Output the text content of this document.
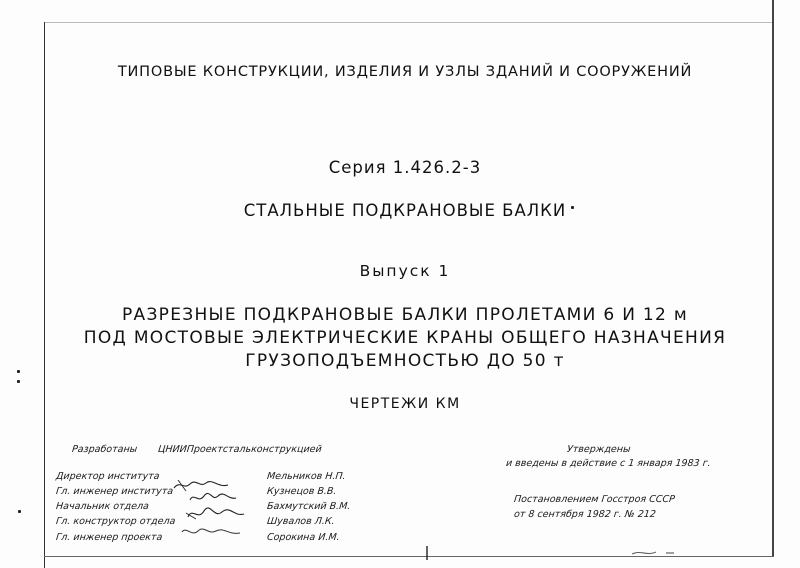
ТИПОВЫЕ КОНСТРУКЦИИ, ИЗДЕЛИЯ И УЗЛЫ ЗДАНИЙ И СООРУЖЕНИЙ
Серия 1.426.2-3
СТАЛЬНЫЕ ПОДКРАНОВЫЕ БАЛКИ
Выпуск 1
РАЗРЕЗНЫЕ ПОДКРАНОВЫЕ БАЛКИ ПРОЛЕТАМИ 6 И 12 м
ПОД МОСТОВЫЕ ЭЛЕКТРИЧЕСКИЕ КРАНЫ ОБЩЕГО НАЗНАЧЕНИЯ
ГРУЗОПОДЪЕМНОСТЬЮ ДО 50 т
ЧЕРТЕЖИ КМ
Разработаны ЦНИИПроектстальконструкцией
Директор института
Гл. инженер института
Начальник отдела
Гл. конструктор отдела
Гл. инженер проекта
Мельников Н.П.
Кузнецов В.В.
Бахмутский В.М.
Шувалов Л.К.
Сорокина И.М.
Утверждены
и введены в действие с 1 января 1983 г.
Постановлением Госстроя СССР
от 8 сентября 1982 г. № 212
